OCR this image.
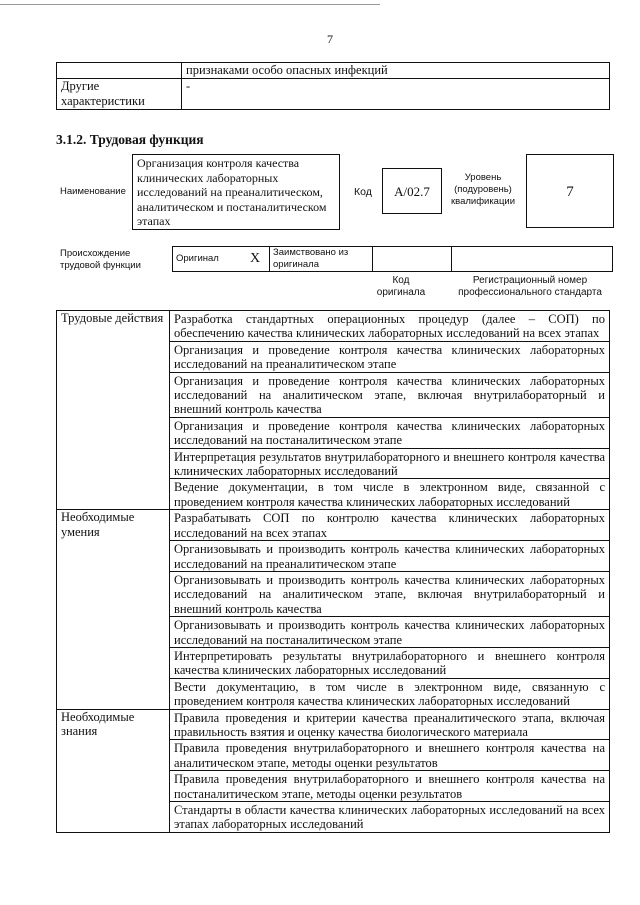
7
	признаками особо опасных инфекций
Другие характеристики	-
3.1.2. Трудовая функция
Наименование
Организация контроля качества клинических лабораторных исследований на преаналитическом, аналитическом и постаналитическом этапах
Код	A/02.7
Уровень (подуровень) квалификации
7
Происхождение трудовой функции
Оригинал	X	Заимствовано из оригинала		
Код оригинала
Регистрационный номер профессионального стандарта
Трудовые действия	Разработка стандартных операционных процедур (далее – СОП) по обеспечению качества клинических лабораторных исследований на всех этапах
	Организация и проведение контроля качества клинических лабораторных исследований на преаналитическом этапе
	Организация и проведение контроля качества клинических лабораторных исследований на аналитическом этапе, включая внутрилабораторный и внешний контроль качества
	Организация и проведение контроля качества клинических лабораторных исследований на постаналитическом этапе
	Интерпретация результатов внутрилабораторного и внешнего контроля качества клинических лабораторных исследований
	Ведение документации, в том числе в электронном виде, связанной с проведением контроля качества клинических лабораторных исследований
Необходимые умения	Разрабатывать СОП по контролю качества клинических лабораторных исследований на всех этапах
	Организовывать и производить контроль качества клинических лабораторных исследований на преаналитическом этапе
	Организовывать и производить контроль качества клинических лабораторных исследований на аналитическом этапе, включая внутрилабораторный и внешний контроль качества
	Организовывать и производить контроль качества клинических лабораторных исследований на постаналитическом этапе
	Интерпретировать результаты внутрилабораторного и внешнего контроля качества клинических лабораторных исследований
	Вести документацию, в том числе в электронном виде, связанную с проведением контроля качества клинических лабораторных исследований
Необходимые знания	Правила проведения и критерии качества преаналитического этапа, включая правильность взятия и оценку качества биологического материала
	Правила проведения внутрилабораторного и внешнего контроля качества на аналитическом этапе, методы оценки результатов
	Правила проведения внутрилабораторного и внешнего контроля качества на постаналитическом этапе, методы оценки результатов
	Стандарты в области качества клинических лабораторных исследований на всех этапах лабораторных исследований
